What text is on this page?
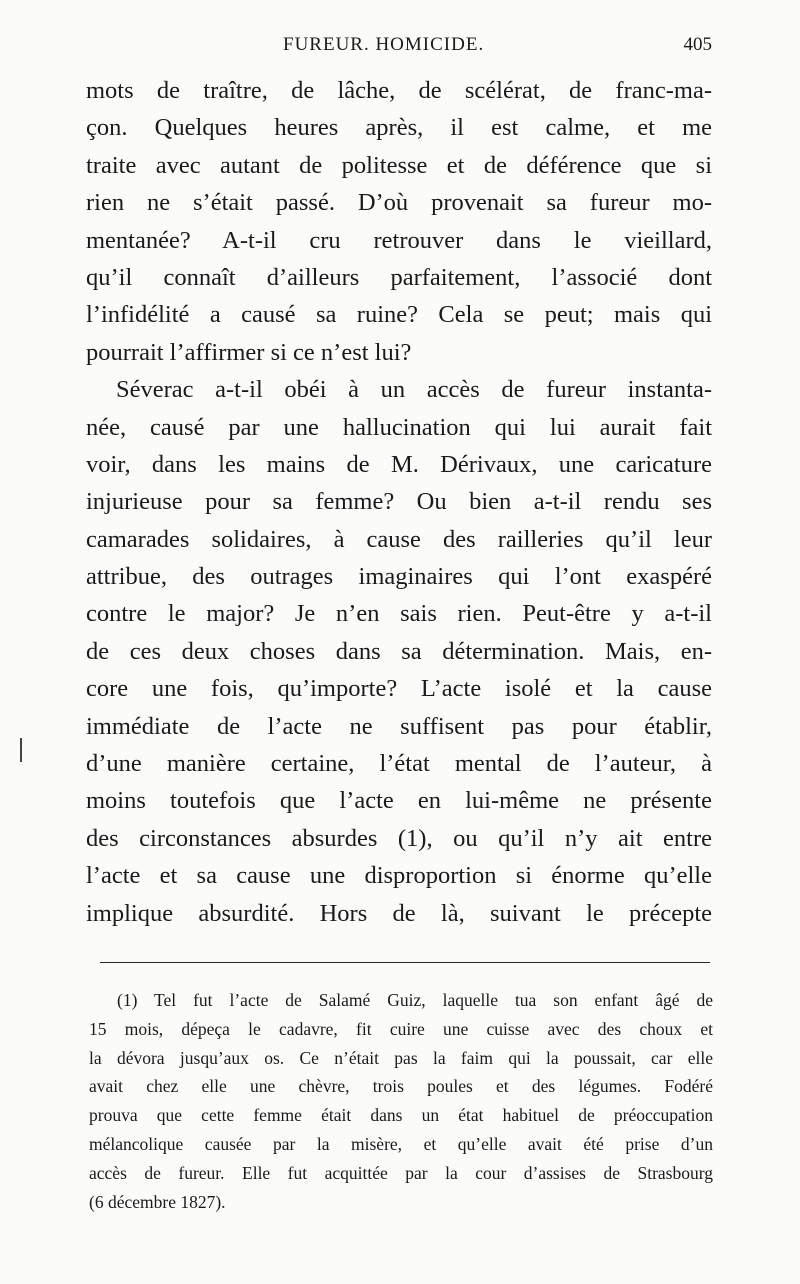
FUREUR. HOMICIDE.	405
mots de traître, de lâche, de scélérat, de franc-ma-
çon. Quelques heures après, il est calme, et me
traite avec autant de politesse et de déférence que si
rien ne s’était passé. D’où provenait sa fureur mo-
mentanée? A-t-il cru retrouver dans le vieillard,
qu’il connaît d’ailleurs parfaitement, l’associé dont
l’infidélité a causé sa ruine? Cela se peut; mais qui
pourrait l’affirmer si ce n’est lui?
Séverac a-t-il obéi à un accès de fureur instanta-
née, causé par une hallucination qui lui aurait fait
voir, dans les mains de M. Dérivaux, une caricature
injurieuse pour sa femme? Ou bien a-t-il rendu ses
camarades solidaires, à cause des railleries qu’il leur
attribue, des outrages imaginaires qui l’ont exaspéré
contre le major? Je n’en sais rien. Peut-être y a-t-il
de ces deux choses dans sa détermination. Mais, en-
core une fois, qu’importe? L’acte isolé et la cause
immédiate de l’acte ne suffisent pas pour établir,
d’une manière certaine, l’état mental de l’auteur, à
moins toutefois que l’acte en lui-même ne présente
des circonstances absurdes (1), ou qu’il n’y ait entre
l’acte et sa cause une disproportion si énorme qu’elle
implique absurdité. Hors de là, suivant le précepte
(1) Tel fut l’acte de Salamé Guiz, laquelle tua son enfant âgé de
15 mois, dépeça le cadavre, fit cuire une cuisse avec des choux et
la dévora jusqu’aux os. Ce n’était pas la faim qui la poussait, car elle
avait chez elle une chèvre, trois poules et des légumes. Fodéré
prouva que cette femme était dans un état habituel de préoccupation
mélancolique causée par la misère, et qu’elle avait été prise d’un
accès de fureur. Elle fut acquittée par la cour d’assises de Strasbourg
(6 décembre 1827).
